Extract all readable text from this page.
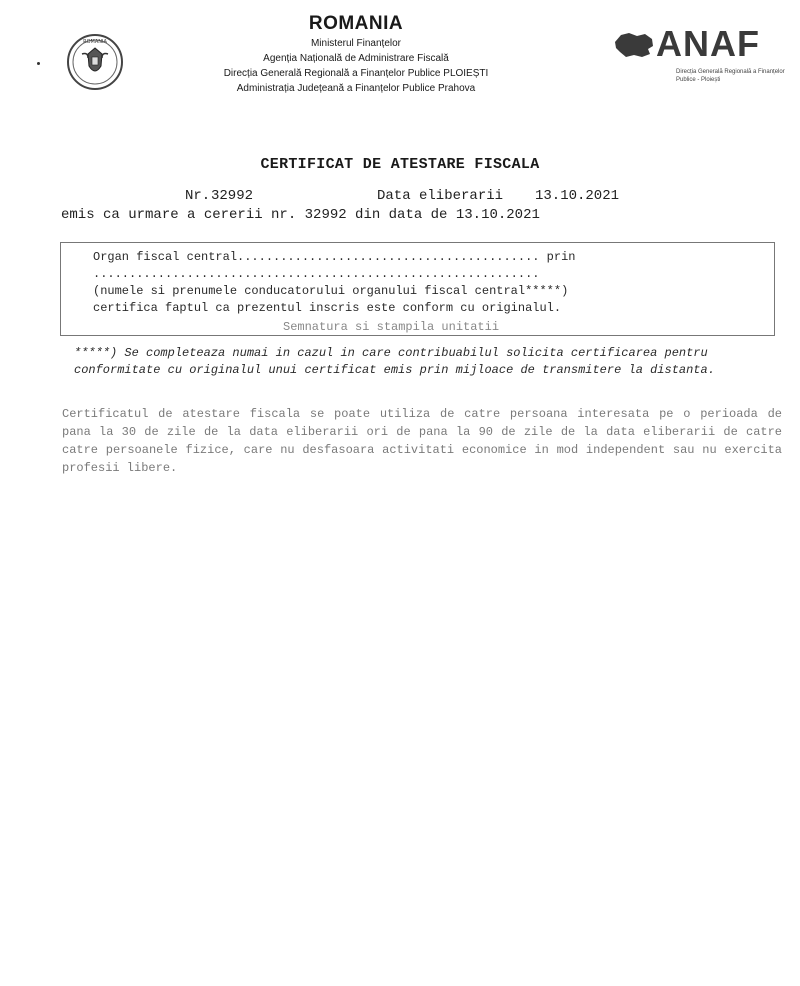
ROMANIA
ROMANIA
Ministerul Finanțelor
Agenția Națională de Administrare Fiscală
Direcția Generală Regională a Finanțelor Publice PLOIEȘTI
Administrația Județeană a Finanțelor Publice Prahova
ANAF
Direcția Generală Regională a Finanțelor Publice - Ploiești
CERTIFICAT DE ATESTARE FISCALA
Nr. 32992	Data eliberarii 13.10.2021
emis ca urmare a cererii nr. 32992 din data de 13.10.2021
Organ fiscal central.......................................... prin
..............................................................
(numele si prenumele conducatorului organului fiscal central*****)
certifica faptul ca prezentul inscris este conform cu originalul.
Semnatura si stampila unitatii
*****) Se completeaza numai in cazul in care contribuabilul solicita certificarea pentru conformitate cu originalul unui certificat emis prin mijloace de transmitere la distanta.
Certificatul de atestare fiscala se poate utiliza de catre persoana interesata pe o perioada de pana la 30 de zile de la data eliberarii ori de pana la 90 de zile de la data eliberarii de catre catre persoanele fizice, care nu desfasoara activitati economice in mod independent sau nu exercita profesii libere.
